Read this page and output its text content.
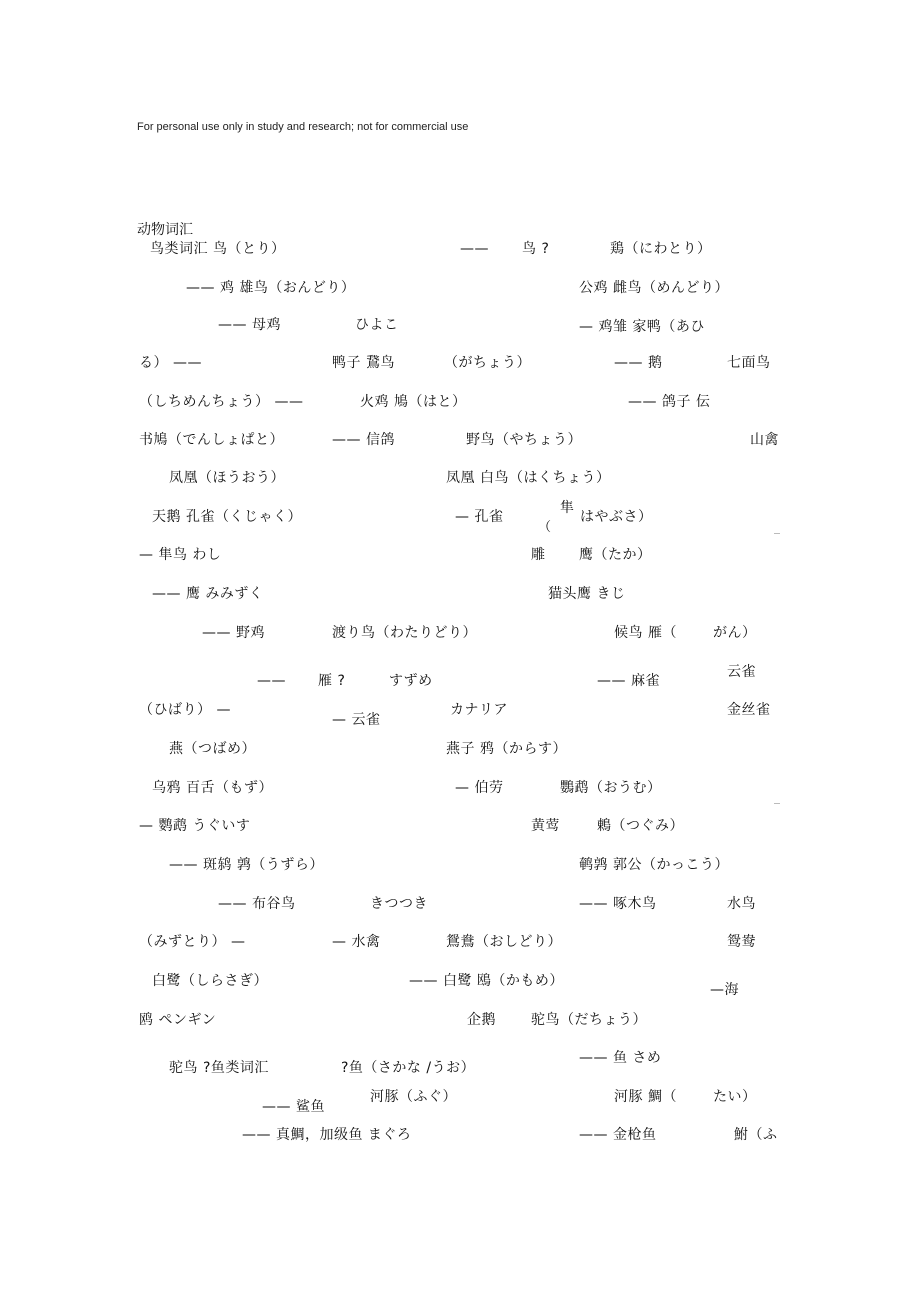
For personal use only in study and research; not for commercial use
动物词汇
鸟类词汇 鸟（とり）	—— 鸟 ?	鶏（にわとり）
—— 鸡 雄鸟（おんどり）	公鸡 雌鸟（めんどり）
—— 母鸡	ひよこ	— 鸡雏 家鸭（あひ
る） ——	鸭子 鵞鸟	（がちょう）	—— 鹅	七面鸟
（しちめんちょう） ——	火鸡 鳩（はと）	—— 鸽子 伝
书鳩（でんしょぱと）	—— 信鸽	野鸟（やちょう）	山禽
凤凰（ほうおう）	凤凰 白鸟（はくちょう）
天鹅 孔雀（くじゃく）	— 孔雀
隼
（
はやぶさ）
— 隼鸟 わし	雕 鹰（たか）
—— 鹰 みみずく	猫头鹰 きじ
—— 野鸡	渡り鸟（わたりどり）	候鸟 雁（	がん）
—— 雁 ?	すずめ	—— 麻雀
云雀
（ひばり） —
— 云雀
カナリア	金丝雀
燕（つばめ）	燕子 鸦（からす）
乌鸦 百舌（もず）	— 伯劳	鸚鹉（おうむ）
— 鹦鹉 うぐいす	黄莺	鶇（つぐみ）
—— 斑鸫 鹑（うずら）	鹌鹑 郭公（かっこう）
—— 布谷鸟	きつつき	—— 啄木鸟	水鸟
（みずとり） —	— 水禽	鴛鴦（おしどり）	鸳鸯
白鹭（しらさぎ）	—— 白鹭 鴎（かもめ）
—海
鸥 ペンギン	企鹅	驼鸟（だちょう）
—— 鱼 さめ
驼鸟 ?鱼类词汇	?鱼（さかな /うお）
河豚（ふぐ）	河豚 鯛（	たい）
—— 鲨鱼
—— 真鯛，加级鱼 まぐろ	—— 金枪鱼	鮒（ふ
